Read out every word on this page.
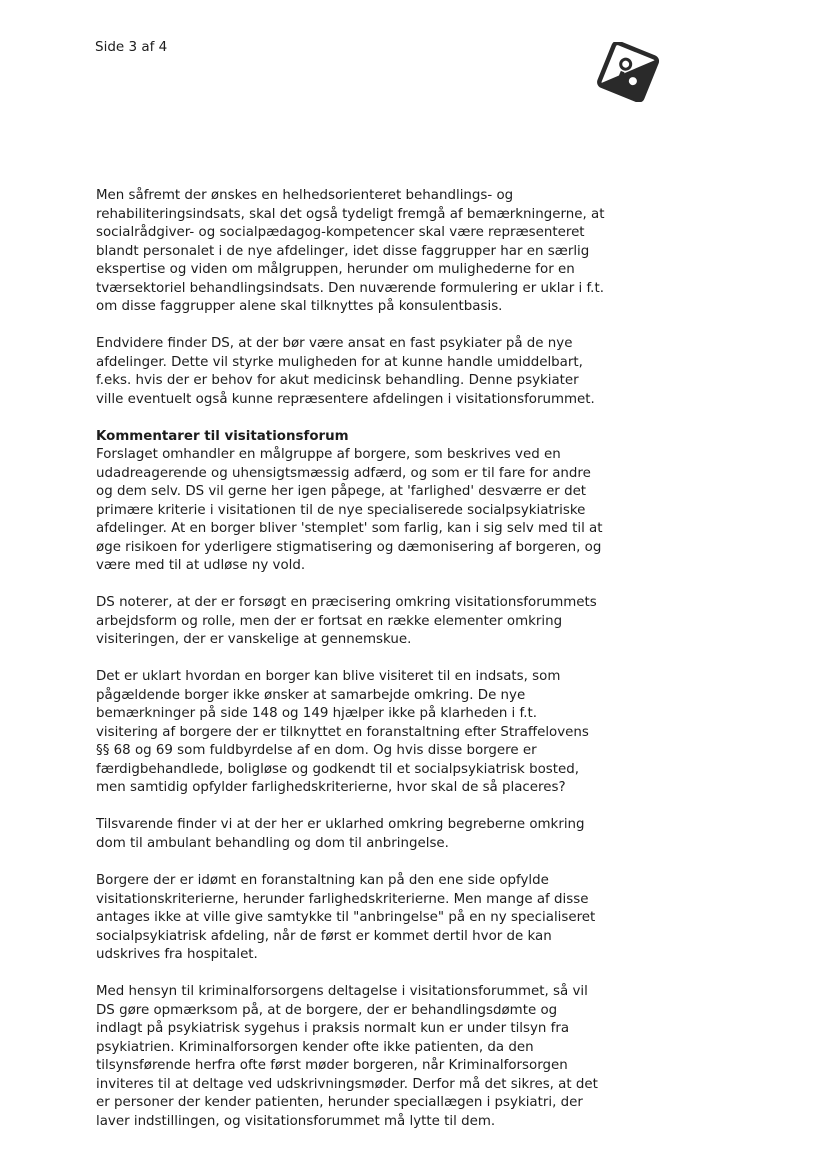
Side 3 af 4

Men såfremt der ønskes en helhedsorienteret behandlings- og
rehabiliteringsindsats, skal det også tydeligt fremgå af bemærkningerne, at
socialrådgiver- og socialpædagog-kompetencer skal være repræsenteret
blandt personalet i de nye afdelinger, idet disse faggrupper har en særlig
ekspertise og viden om målgruppen, herunder om mulighederne for en
tværsektoriel behandlingsindsats. Den nuværende formulering er uklar i f.t.
om disse faggrupper alene skal tilknyttes på konsulentbasis.

Endvidere finder DS, at der bør være ansat en fast psykiater på de nye
afdelinger. Dette vil styrke muligheden for at kunne handle umiddelbart,
f.eks. hvis der er behov for akut medicinsk behandling. Denne psykiater
ville eventuelt også kunne repræsentere afdelingen i visitationsforummet.

Kommentarer til visitationsforum

Forslaget omhandler en målgruppe af borgere, som beskrives ved en
udadreagerende og uhensigtsmæssig adfærd, og som er til fare for andre
og dem selv. DS vil gerne her igen påpege, at 'farlighed' desværre er det
primære kriterie i visitationen til de nye specialiserede socialpsykiatriske
afdelinger. At en borger bliver 'stemplet' som farlig, kan i sig selv med til at
øge risikoen for yderligere stigmatisering og dæmonisering af borgeren, og
være med til at udløse ny vold.

DS noterer, at der er forsøgt en præcisering omkring visitationsforummets
arbejdsform og rolle, men der er fortsat en række elementer omkring
visiteringen, der er vanskelige at gennemskue.

Det er uklart hvordan en borger kan blive visiteret til en indsats, som
pågældende borger ikke ønsker at samarbejde omkring. De nye
bemærkninger på side 148 og 149 hjælper ikke på klarheden i f.t.
visitering af borgere der er tilknyttet en foranstaltning efter Straffelovens
§§ 68 og 69 som fuldbyrdelse af en dom. Og hvis disse borgere er
færdigbehandlede, boligløse og godkendt til et socialpsykiatrisk bosted,
men samtidig opfylder farlighedskriterierne, hvor skal de så placeres?

Tilsvarende finder vi at der her er uklarhed omkring begreberne omkring
dom til ambulant behandling og dom til anbringelse.

Borgere der er idømt en foranstaltning kan på den ene side opfylde
visitationskriterierne, herunder farlighedskriterierne. Men mange af disse
antages ikke at ville give samtykke til "anbringelse" på en ny specialiseret
socialpsykiatrisk afdeling, når de først er kommet dertil hvor de kan
udskrives fra hospitalet.

Med hensyn til kriminalforsorgens deltagelse i visitationsforummet, så vil
DS gøre opmærksom på, at de borgere, der er behandlingsdømte og
indlagt på psykiatrisk sygehus i praksis normalt kun er under tilsyn fra
psykiatrien. Kriminalforsorgen kender ofte ikke patienten, da den
tilsynsførende herfra ofte først møder borgeren, når Kriminalforsorgen
inviteres til at deltage ved udskrivningsmøder. Derfor må det sikres, at det
er personer der kender patienten, herunder speciallægen i psykiatri, der
laver indstillingen, og visitationsforummet må lytte til dem.
